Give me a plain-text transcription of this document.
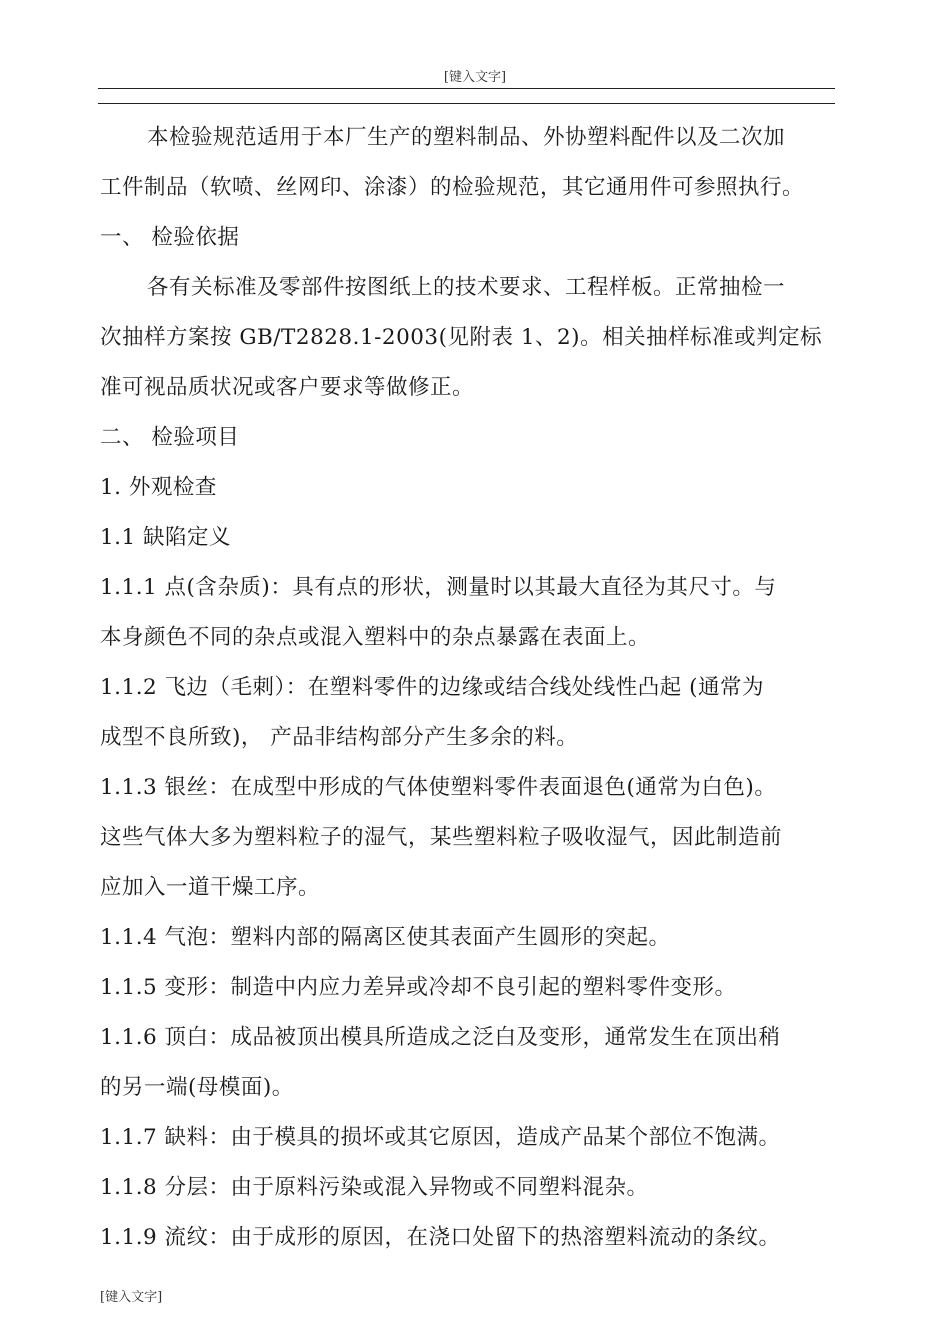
[键入文字]
本检验规范适用于本厂生产的塑料制品、外协塑料配件以及二次加
工件制品（软喷、丝网印、涂漆）的检验规范，其它通用件可参照执行。
一、 检验依据
各有关标准及零部件按图纸上的技术要求、工程样板。正常抽检一
次抽样方案按 GB/T2828.1-2003(见附表 1、2)。相关抽样标准或判定标
准可视品质状况或客户要求等做修正。
二、 检验项目
1. 外观检查
1.1 缺陷定义
1.1.1 点(含杂质)：具有点的形状，测量时以其最大直径为其尺寸。与
本身颜色不同的杂点或混入塑料中的杂点暴露在表面上。
1.1.2 飞边（毛刺）：在塑料零件的边缘或结合线处线性凸起 (通常为
成型不良所致)， 产品非结构部分产生多余的料。
1.1.3 银丝：在成型中形成的气体使塑料零件表面退色(通常为白色)。
这些气体大多为塑料粒子的湿气，某些塑料粒子吸收湿气，因此制造前
应加入一道干燥工序。
1.1.4 气泡：塑料内部的隔离区使其表面产生圆形的突起。
1.1.5 变形：制造中内应力差异或冷却不良引起的塑料零件变形。
1.1.6 顶白：成品被顶出模具所造成之泛白及变形，通常发生在顶出稍
的另一端(母模面)。
1.1.7 缺料：由于模具的损坏或其它原因，造成产品某个部位不饱满。
1.1.8 分层：由于原料污染或混入异物或不同塑料混杂。
1.1.9 流纹：由于成形的原因，在浇口处留下的热溶塑料流动的条纹。
[键入文字]
